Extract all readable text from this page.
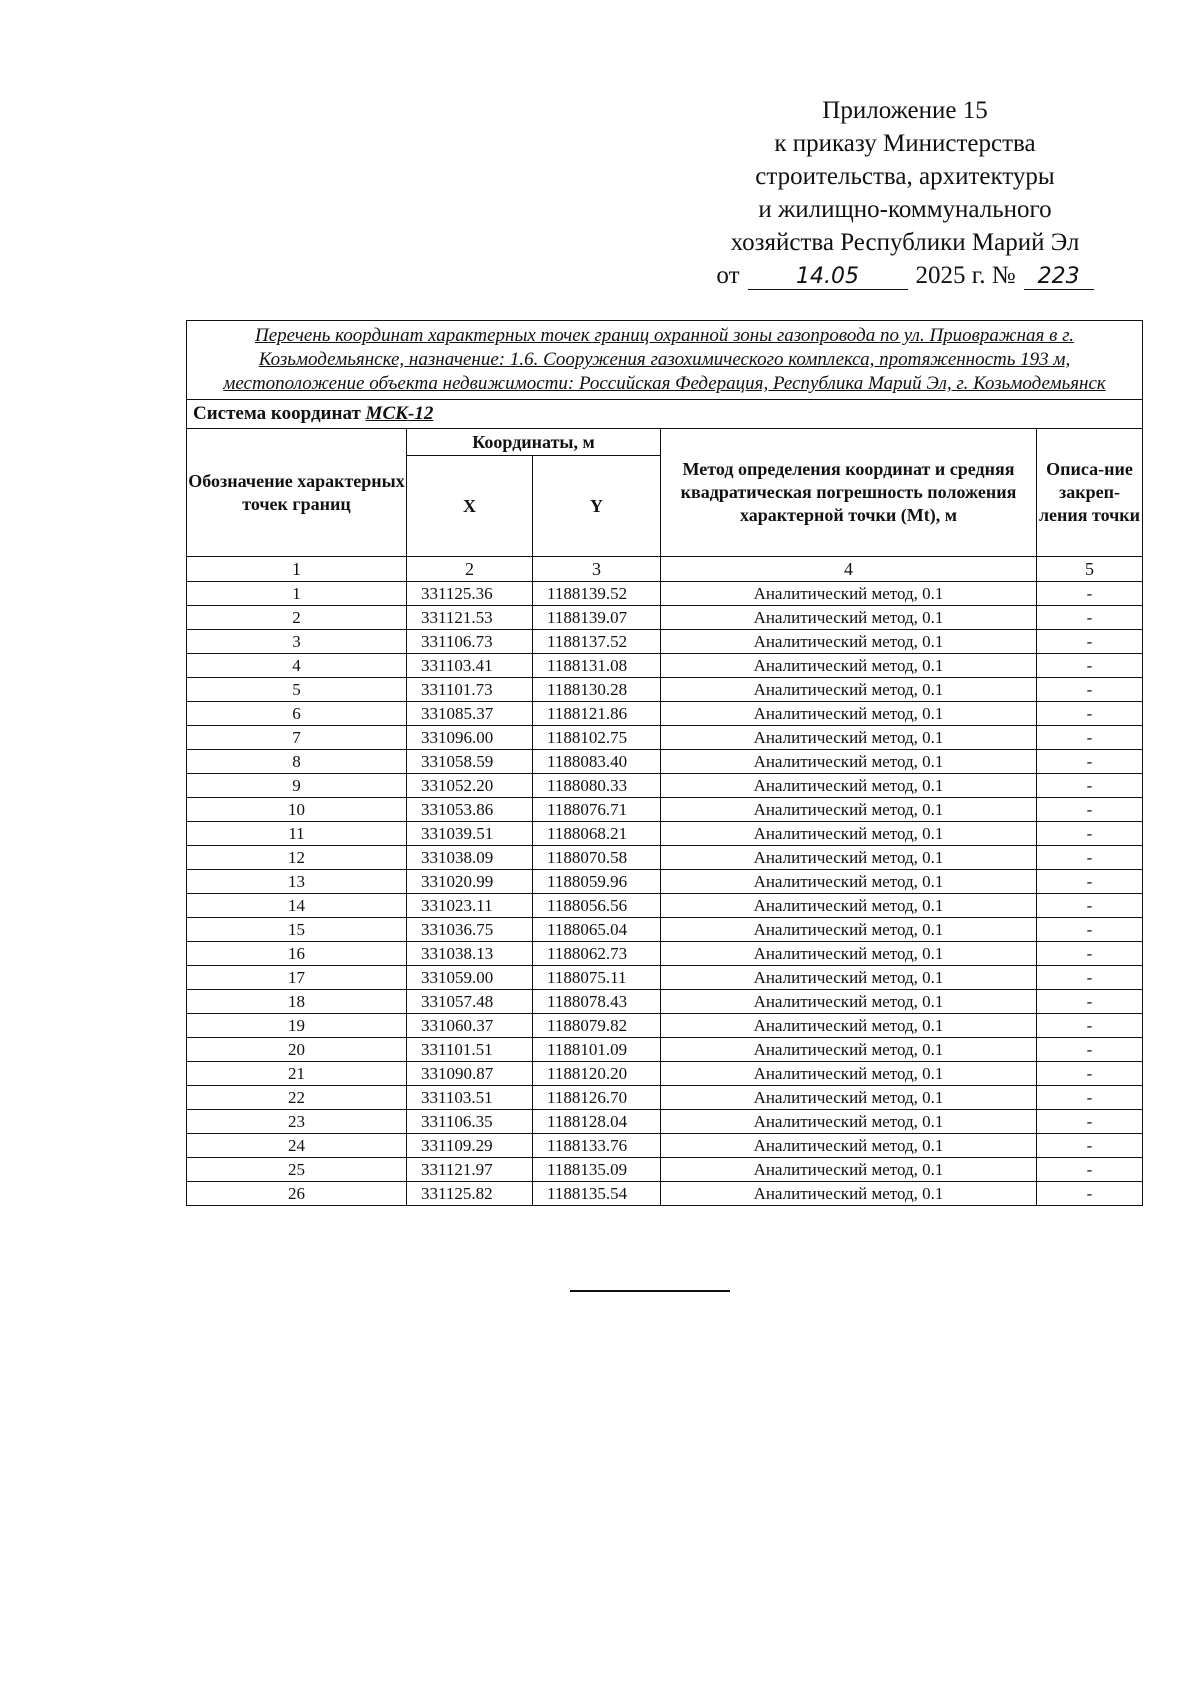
Приложение 15
к приказу Министерства
строительства, архитектуры
и жилищно-коммунального
хозяйства Республики Марий Эл
от	14.05	2025 г. №	223
Перечень координат характерных точек границ охранной зоны газопровода по ул. Приовражная в г. Козьмодемьянске, назначение: 1.6. Сооружения газохимического комплекса, протяженность 193 м, местоположение объекта недвижимости: Российская Федерация, Республика Марий Эл, г. Козьмодемьянск				
Система координат МСК-12				
Обозначение характерных точек границ	Координаты, м		Метод определения координат и средняя квадратическая погрешность положения характерной точки (Mt), м	Описа-ние закреп-ления точки
	X	Y		
1	2	3	4	5
1	331125.36	1188139.52	Аналитический метод, 0.1	-
2	331121.53	1188139.07	Аналитический метод, 0.1	-
3	331106.73	1188137.52	Аналитический метод, 0.1	-
4	331103.41	1188131.08	Аналитический метод, 0.1	-
5	331101.73	1188130.28	Аналитический метод, 0.1	-
6	331085.37	1188121.86	Аналитический метод, 0.1	-
7	331096.00	1188102.75	Аналитический метод, 0.1	-
8	331058.59	1188083.40	Аналитический метод, 0.1	-
9	331052.20	1188080.33	Аналитический метод, 0.1	-
10	331053.86	1188076.71	Аналитический метод, 0.1	-
11	331039.51	1188068.21	Аналитический метод, 0.1	-
12	331038.09	1188070.58	Аналитический метод, 0.1	-
13	331020.99	1188059.96	Аналитический метод, 0.1	-
14	331023.11	1188056.56	Аналитический метод, 0.1	-
15	331036.75	1188065.04	Аналитический метод, 0.1	-
16	331038.13	1188062.73	Аналитический метод, 0.1	-
17	331059.00	1188075.11	Аналитический метод, 0.1	-
18	331057.48	1188078.43	Аналитический метод, 0.1	-
19	331060.37	1188079.82	Аналитический метод, 0.1	-
20	331101.51	1188101.09	Аналитический метод, 0.1	-
21	331090.87	1188120.20	Аналитический метод, 0.1	-
22	331103.51	1188126.70	Аналитический метод, 0.1	-
23	331106.35	1188128.04	Аналитический метод, 0.1	-
24	331109.29	1188133.76	Аналитический метод, 0.1	-
25	331121.97	1188135.09	Аналитический метод, 0.1	-
26	331125.82	1188135.54	Аналитический метод, 0.1	-
